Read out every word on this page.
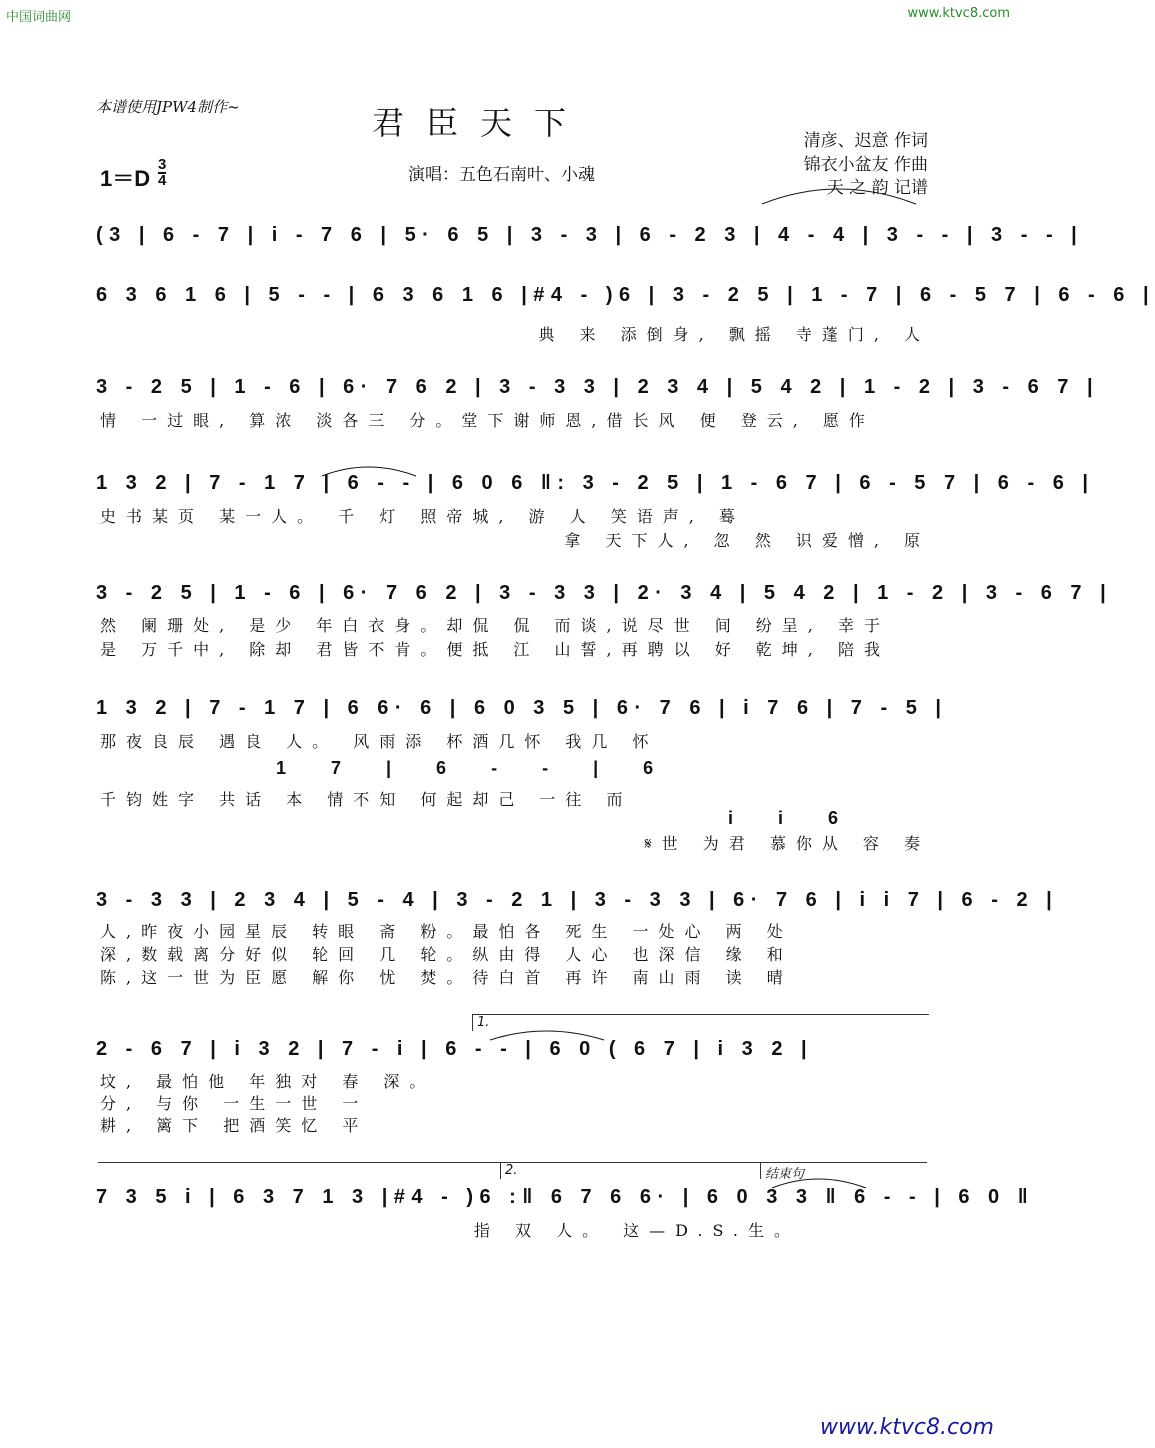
中国词曲网	www.ktvc8.com
本谱使用JPW4制作~	君臣天下
1＝D
3
4	演唱：五色石南叶、小魂
清彦、迟意 作词
锦衣小盆友 作曲
天 之 韵 记谱
(3 | 6 - 7 | i - 7 6 | 5· 6 5 | 3 - 3 | 6 - 2 3 | 4 - 4 | 3 - - | 3 - - |
6 3 6 1 6 | 5 - - | 6 3 6 1 6 |#4 - )6 | 3 - 2 5 | 1 - 7 | 6 - 5 7 | 6 - 6 |
典 来 添倒身, 飘摇 寺蓬门, 人
3 - 2 5 | 1 - 6 | 6· 7 6 2 | 3 - 3 3 | 2 3 4 | 5 4 2 | 1 - 2 | 3 - 6 7 |
情 一过眼, 算浓 淡各三 分。堂下谢师恩,借长风 便 登云, 愿作
1 3 2 | 7 - 1 7 | 6 - - | 6 0 6 ‖: 3 - 2 5 | 1 - 6 7 | 6 - 5 7 | 6 - 6 |
史书某页 某一人。 千 灯 照帝城, 游 人 笑语声, 蓦
拿 天下人, 忽 然 识爱憎, 原
3 - 2 5 | 1 - 6 | 6· 7 6 2 | 3 - 3 3 | 2· 3 4 | 5 4 2 | 1 - 2 | 3 - 6 7 |
然 阑珊处, 是少 年白衣身。却侃 侃 而谈,说尽世 间 纷呈, 幸于
是 万千中, 除却 君皆不肯。便抵 江 山誓,再聘以 好 乾坤, 陪我
1 3 2 | 7 - 1 7 | 6 6· 6 | 6 0 3 5 | 6· 7 6 | i 7 6 | 7 - 5 |
那夜良辰 遇良 人。 风雨添 杯酒几怀 我几 怀
1 7 | 6 - - | 6
千钧姓字 共话 本 情不知 何起却己 一往 而
i i 6
𝄋世 为君 慕你从 容 奏
3 - 3 3 | 2 3 4 | 5 - 4 | 3 - 2 1 | 3 - 3 3 | 6· 7 6 | i i 7 | 6 - 2 |
人,昨夜小园星辰 转眼 斋 粉。最怕各 死生 一处心 两 处
深,数载离分好似 轮回 几 轮。纵由得 人心 也深信 缘 和
陈,这一世为臣愿 解你 忧 焚。待白首 再许 南山雨 读 晴
1.
2 - 6 7 | i 3 2 | 7 - i | 6 - - | 6 0 ( 6 7 | i 3 2 |
坟, 最怕他 年独对 春 深。
分, 与你 一生一世 一
耕, 篱下 把酒笑忆 平
2.	结束句
7 3 5 i | 6 3 7 1 3 |#4 - )6 :‖ 6 7 6 6· | 6 0 3 3 ‖ 6 - - | 6 0 ‖
指 双 人。 这—D.S.生。
www.ktvc8.com
